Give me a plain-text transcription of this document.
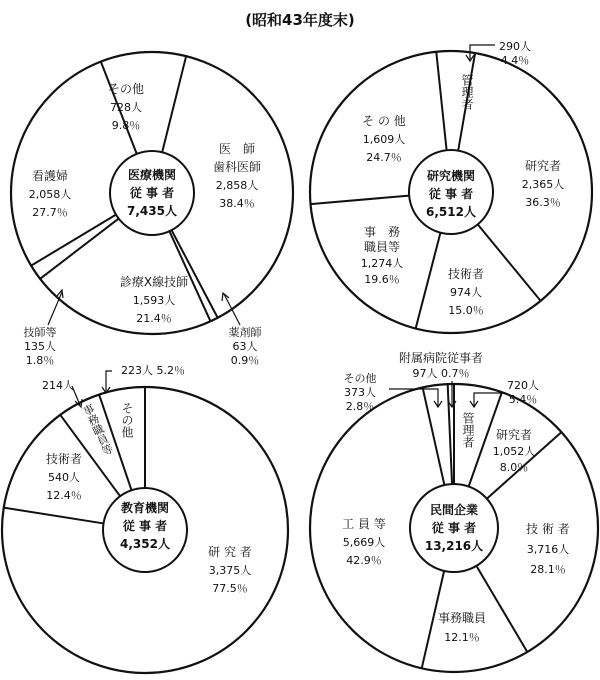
(昭和43年度末)
医療機関
従 事 者
7,435人
研究機関
従 事 者
6,512人
教育機関
従 事 者
4,352人
民間企業
従 事 者
13,216人
医　師
歯科医師
2,858人
38.4％
その他
728人
9.8％
看護婦
2,058人
27.7％
診療X線技師
1,593人
21.4％
技師等
135人
1.8％
薬剤師
63人
0.9％
290人
4.4％
研究者
2,365人
36.3％
技術者
974人
15.0％
事　務
職員等
1,274人
19.6％
そ の 他
1,609人
24.7％
管理者
214人
223人 5.2％
技術者
540人
12.4％
研 究 者
3,375人
77.5％
事務職員等 その他
附属病院従事者
97人 0.7％
その他
373人
2.8％
720人
5.4％
研究者
1,052人
8.0％
技 術 者
3,716人
28.1％
事務職員
12.1％
工 員 等
5,669人
42.9％
管理者
